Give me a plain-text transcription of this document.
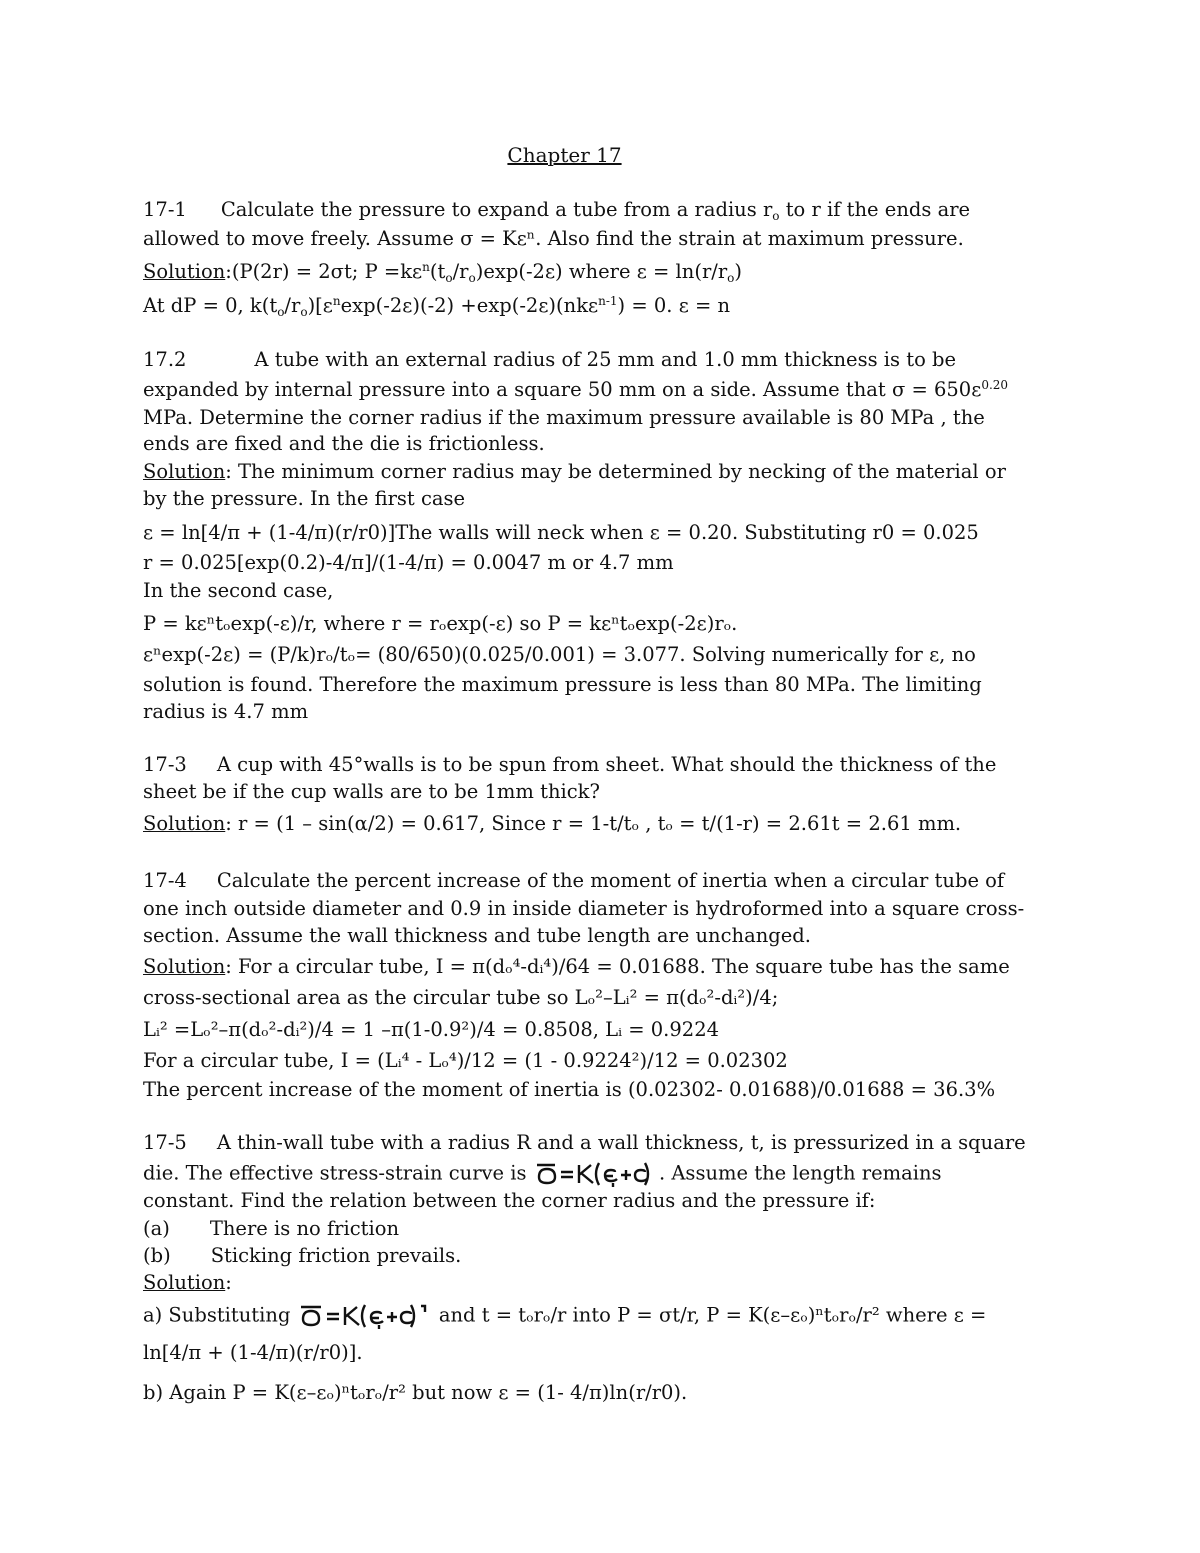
Chapter 17
17-1 Calculate the pressure to expand a tube from a radius $r_o$ to r if the ends are
allowed to move freely. Assume σ = Kεⁿ. Also find the strain at maximum pressure.
Solution:(P(2r) = 2σt; $P =k\varepsilon^n(t_o/r_o)\exp(-2\varepsilon)$ where $\varepsilon = \ln(r/r_o)$
At dP = 0, $k(t_o/r_o)[\varepsilon^n\exp(-2\varepsilon)(-2) +\exp(-2\varepsilon)(nk\varepsilon^{n-1}) = 0$. ε = n
17.2	A tube with an external radius of 25 mm and 1.0 mm thickness is to be
expanded by internal pressure into a square 50 mm on a side. Assume that $\sigma = 650\varepsilon^{0.20}$
MPa. Determine the corner radius if the maximum pressure available is 80 MPa , the
ends are fixed and the die is frictionless.
Solution: The minimum corner radius may be determined by necking of the material or
by the pressure. In the first case
ε = ln[4/π + (1-4/π)(r/r0)]The walls will neck when ε = 0.20. Substituting r0 = 0.025
r = 0.025[exp(0.2)-4/π]/(1-4/π) = 0.0047 m or 4.7 mm
In the second case,
P = kεⁿtₒexp(-ε)/r, where r = rₒexp(-ε) so P = kεⁿtₒexp(-2ε)rₒ.
εⁿexp(-2ε) = (P/k)rₒ/tₒ= (80/650)(0.025/0.001) = 3.077. Solving numerically for ε, no
solution is found. Therefore the maximum pressure is less than 80 MPa. The limiting
radius is 4.7 mm
17-3 A cup with 45°walls is to be spun from sheet. What should the thickness of the
sheet be if the cup walls are to be 1mm thick?
Solution: r = (1 – sin(α/2) = 0.617, Since r = 1-t/tₒ , tₒ = t/(1-r) = 2.61t = 2.61 mm.
17-4 Calculate the percent increase of the moment of inertia when a circular tube of
one inch outside diameter and 0.9 in inside diameter is hydroformed into a square cross-
section. Assume the wall thickness and tube length are unchanged.
Solution: For a circular tube, I = π(dₒ⁴-dᵢ⁴)/64 = 0.01688. The square tube has the same
cross-sectional area as the circular tube so Lₒ²–Lᵢ² = π(dₒ²-dᵢ²)/4;
Lᵢ² =Lₒ²–π(dₒ²-dᵢ²)/4 = 1 –π(1-0.9²)/4 = 0.8508, Lᵢ = 0.9224
For a circular tube, I = (Lᵢ⁴ - Lₒ⁴)/12 = (1 - 0.9224²)/12 = 0.02302
The percent increase of the moment of inertia is (0.02302- 0.01688)/0.01688 = 36.3%
17-5 A thin-wall tube with a radius R and a wall thickness, t, is pressurized in a square
die. The effective stress-strain curve is	. Assume the length remains
constant. Find the relation between the corner radius and the pressure if:
(a) There is no friction
(b) Sticking friction prevails.
Solution:
a) Substituting	and t = tₒrₒ/r into P = σt/r, P = K(ε–εₒ)ⁿtₒrₒ/r² where ε =
ln[4/π + (1-4/π)(r/r0)].
b) Again P = K(ε–εₒ)ⁿtₒrₒ/r² but now ε = (1- 4/π)ln(r/r0).
